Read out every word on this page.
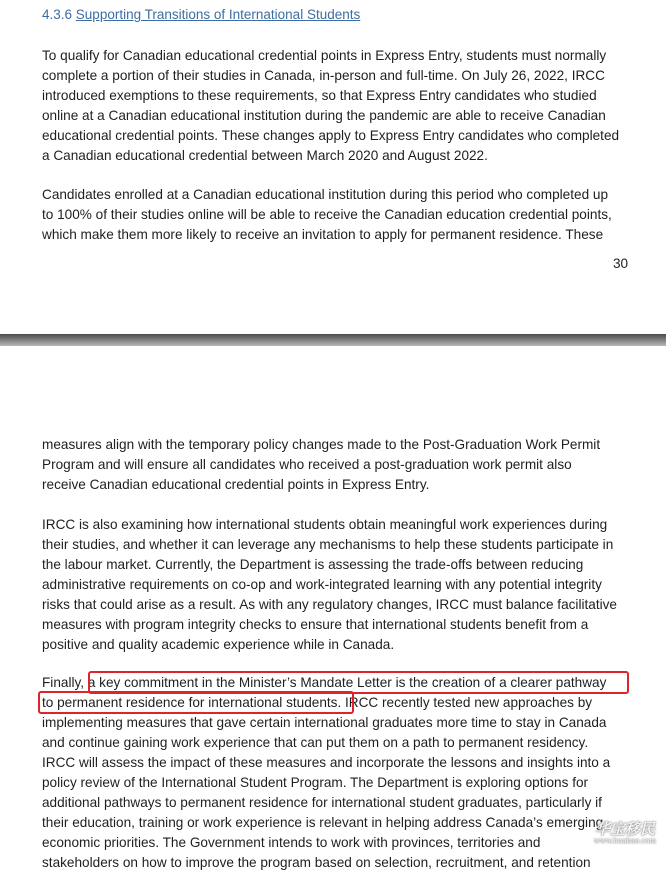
4.3.6 Supporting Transitions of International Students
To qualify for Canadian educational credential points in Express Entry, students must normally
complete a portion of their studies in Canada, in-person and full-time. On July 26, 2022, IRCC
introduced exemptions to these requirements, so that Express Entry candidates who studied
online at a Canadian educational institution during the pandemic are able to receive Canadian
educational credential points. These changes apply to Express Entry candidates who completed
a Canadian educational credential between March 2020 and August 2022.
Candidates enrolled at a Canadian educational institution during this period who completed up
to 100% of their studies online will be able to receive the Canadian education credential points,
which make them more likely to receive an invitation to apply for permanent residence. These
30
measures align with the temporary policy changes made to the Post-Graduation Work Permit
Program and will ensure all candidates who received a post-graduation work permit also
receive Canadian educational credential points in Express Entry.
IRCC is also examining how international students obtain meaningful work experiences during
their studies, and whether it can leverage any mechanisms to help these students participate in
the labour market. Currently, the Department is assessing the trade-offs between reducing
administrative requirements on co-op and work-integrated learning with any potential integrity
risks that could arise as a result. As with any regulatory changes, IRCC must balance facilitative
measures with program integrity checks to ensure that international students benefit from a
positive and quality academic experience while in Canada.
Finally, a key commitment in the Minister’s Mandate Letter is the creation of a clearer pathway
to permanent residence for international students. IRCC recently tested new approaches by
implementing measures that gave certain international graduates more time to stay in Canada
and continue gaining work experience that can put them on a path to permanent residency.
IRCC will assess the impact of these measures and incorporate the lessons and insights into a
policy review of the International Student Program. The Department is exploring options for
additional pathways to permanent residence for international student graduates, particularly if
their education, training or work experience is relevant in helping address Canada’s emerging
economic priorities. The Government intends to work with provinces, territories and
stakeholders on how to improve the program based on selection, recruitment, and retention
华宝移民
www.huabao.com
